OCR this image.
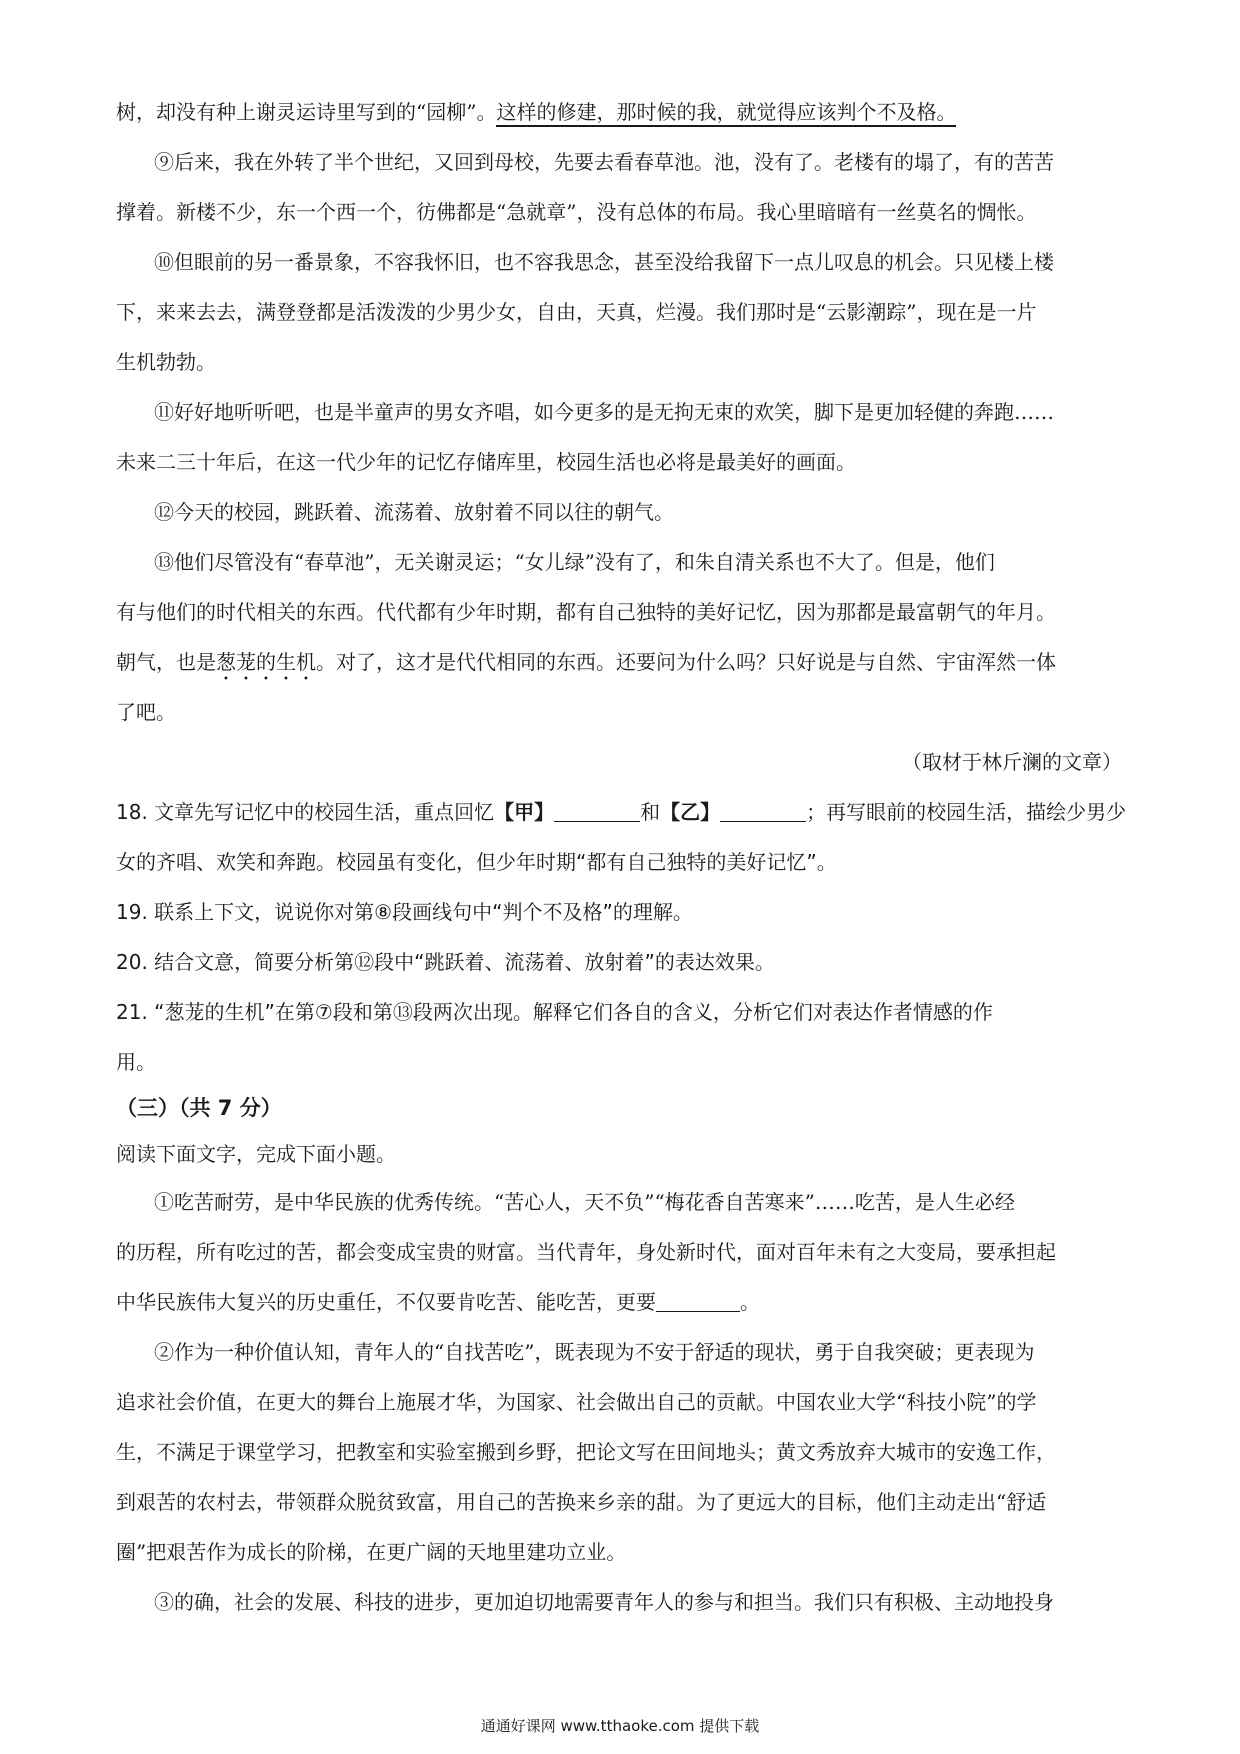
树，却没有种上谢灵运诗里写到的“园柳”。这样的修建，那时候的我，就觉得应该判个不及格。
⑨后来，我在外转了半个世纪，又回到母校，先要去看春草池。池，没有了。老楼有的塌了，有的苦苦
撑着。新楼不少，东一个西一个，彷佛都是“急就章”，没有总体的布局。我心里暗暗有一丝莫名的惆怅。
⑩但眼前的另一番景象，不容我怀旧，也不容我思念，甚至没给我留下一点儿叹息的机会。只见楼上楼
下，来来去去，满登登都是活泼泼的少男少女，自由，天真，烂漫。我们那时是“云影潮踪”，现在是一片
生机勃勃。
⑪好好地听听吧，也是半童声的男女齐唱，如今更多的是无拘无束的欢笑，脚下是更加轻健的奔跑……
未来二三十年后，在这一代少年的记忆存储库里，校园生活也必将是最美好的画面。
⑫今天的校园，跳跃着、流荡着、放射着不同以往的朝气。
⑬他们尽管没有“春草池”，无关谢灵运；“女儿绿”没有了，和朱自清关系也不大了。但是，他们
有与他们的时代相关的东西。代代都有少年时期，都有自己独特的美好记忆，因为那都是最富朝气的年月。
朝气，也是葱茏的生机。对了，这才是代代相同的东西。还要问为什么吗？只好说是与自然、宇宙浑然一体
了吧。
（取材于林斤澜的文章）
18. 文章先写记忆中的校园生活，重点回忆【甲】	和【乙】	；再写眼前的校园生活，描绘少男少
女的齐唱、欢笑和奔跑。校园虽有变化，但少年时期“都有自己独特的美好记忆”。
19. 联系上下文，说说你对第⑧段画线句中“判个不及格”的理解。
20. 结合文意，简要分析第⑫段中“跳跃着、流荡着、放射着”的表达效果。
21. “葱茏的生机”在第⑦段和第⑬段两次出现。解释它们各自的含义，分析它们对表达作者情感的作
用。
（三）（共 7 分）
阅读下面文字，完成下面小题。
①吃苦耐劳，是中华民族的优秀传统。“苦心人，天不负”“梅花香自苦寒来”……吃苦，是人生必经
的历程，所有吃过的苦，都会变成宝贵的财富。当代青年，身处新时代，面对百年未有之大变局，要承担起
中华民族伟大复兴的历史重任，不仅要肯吃苦、能吃苦，更要	。
②作为一种价值认知，青年人的“自找苦吃”，既表现为不安于舒适的现状，勇于自我突破；更表现为
追求社会价值，在更大的舞台上施展才华，为国家、社会做出自己的贡献。中国农业大学“科技小院”的学
生，不满足于课堂学习，把教室和实验室搬到乡野，把论文写在田间地头；黄文秀放弃大城市的安逸工作，
到艰苦的农村去，带领群众脱贫致富，用自己的苦换来乡亲的甜。为了更远大的目标，他们主动走出“舒适
圈”把艰苦作为成长的阶梯，在更广阔的天地里建功立业。
③的确，社会的发展、科技的进步，更加迫切地需要青年人的参与和担当。我们只有积极、主动地投身
通通好课网 www.tthaoke.com 提供下载
